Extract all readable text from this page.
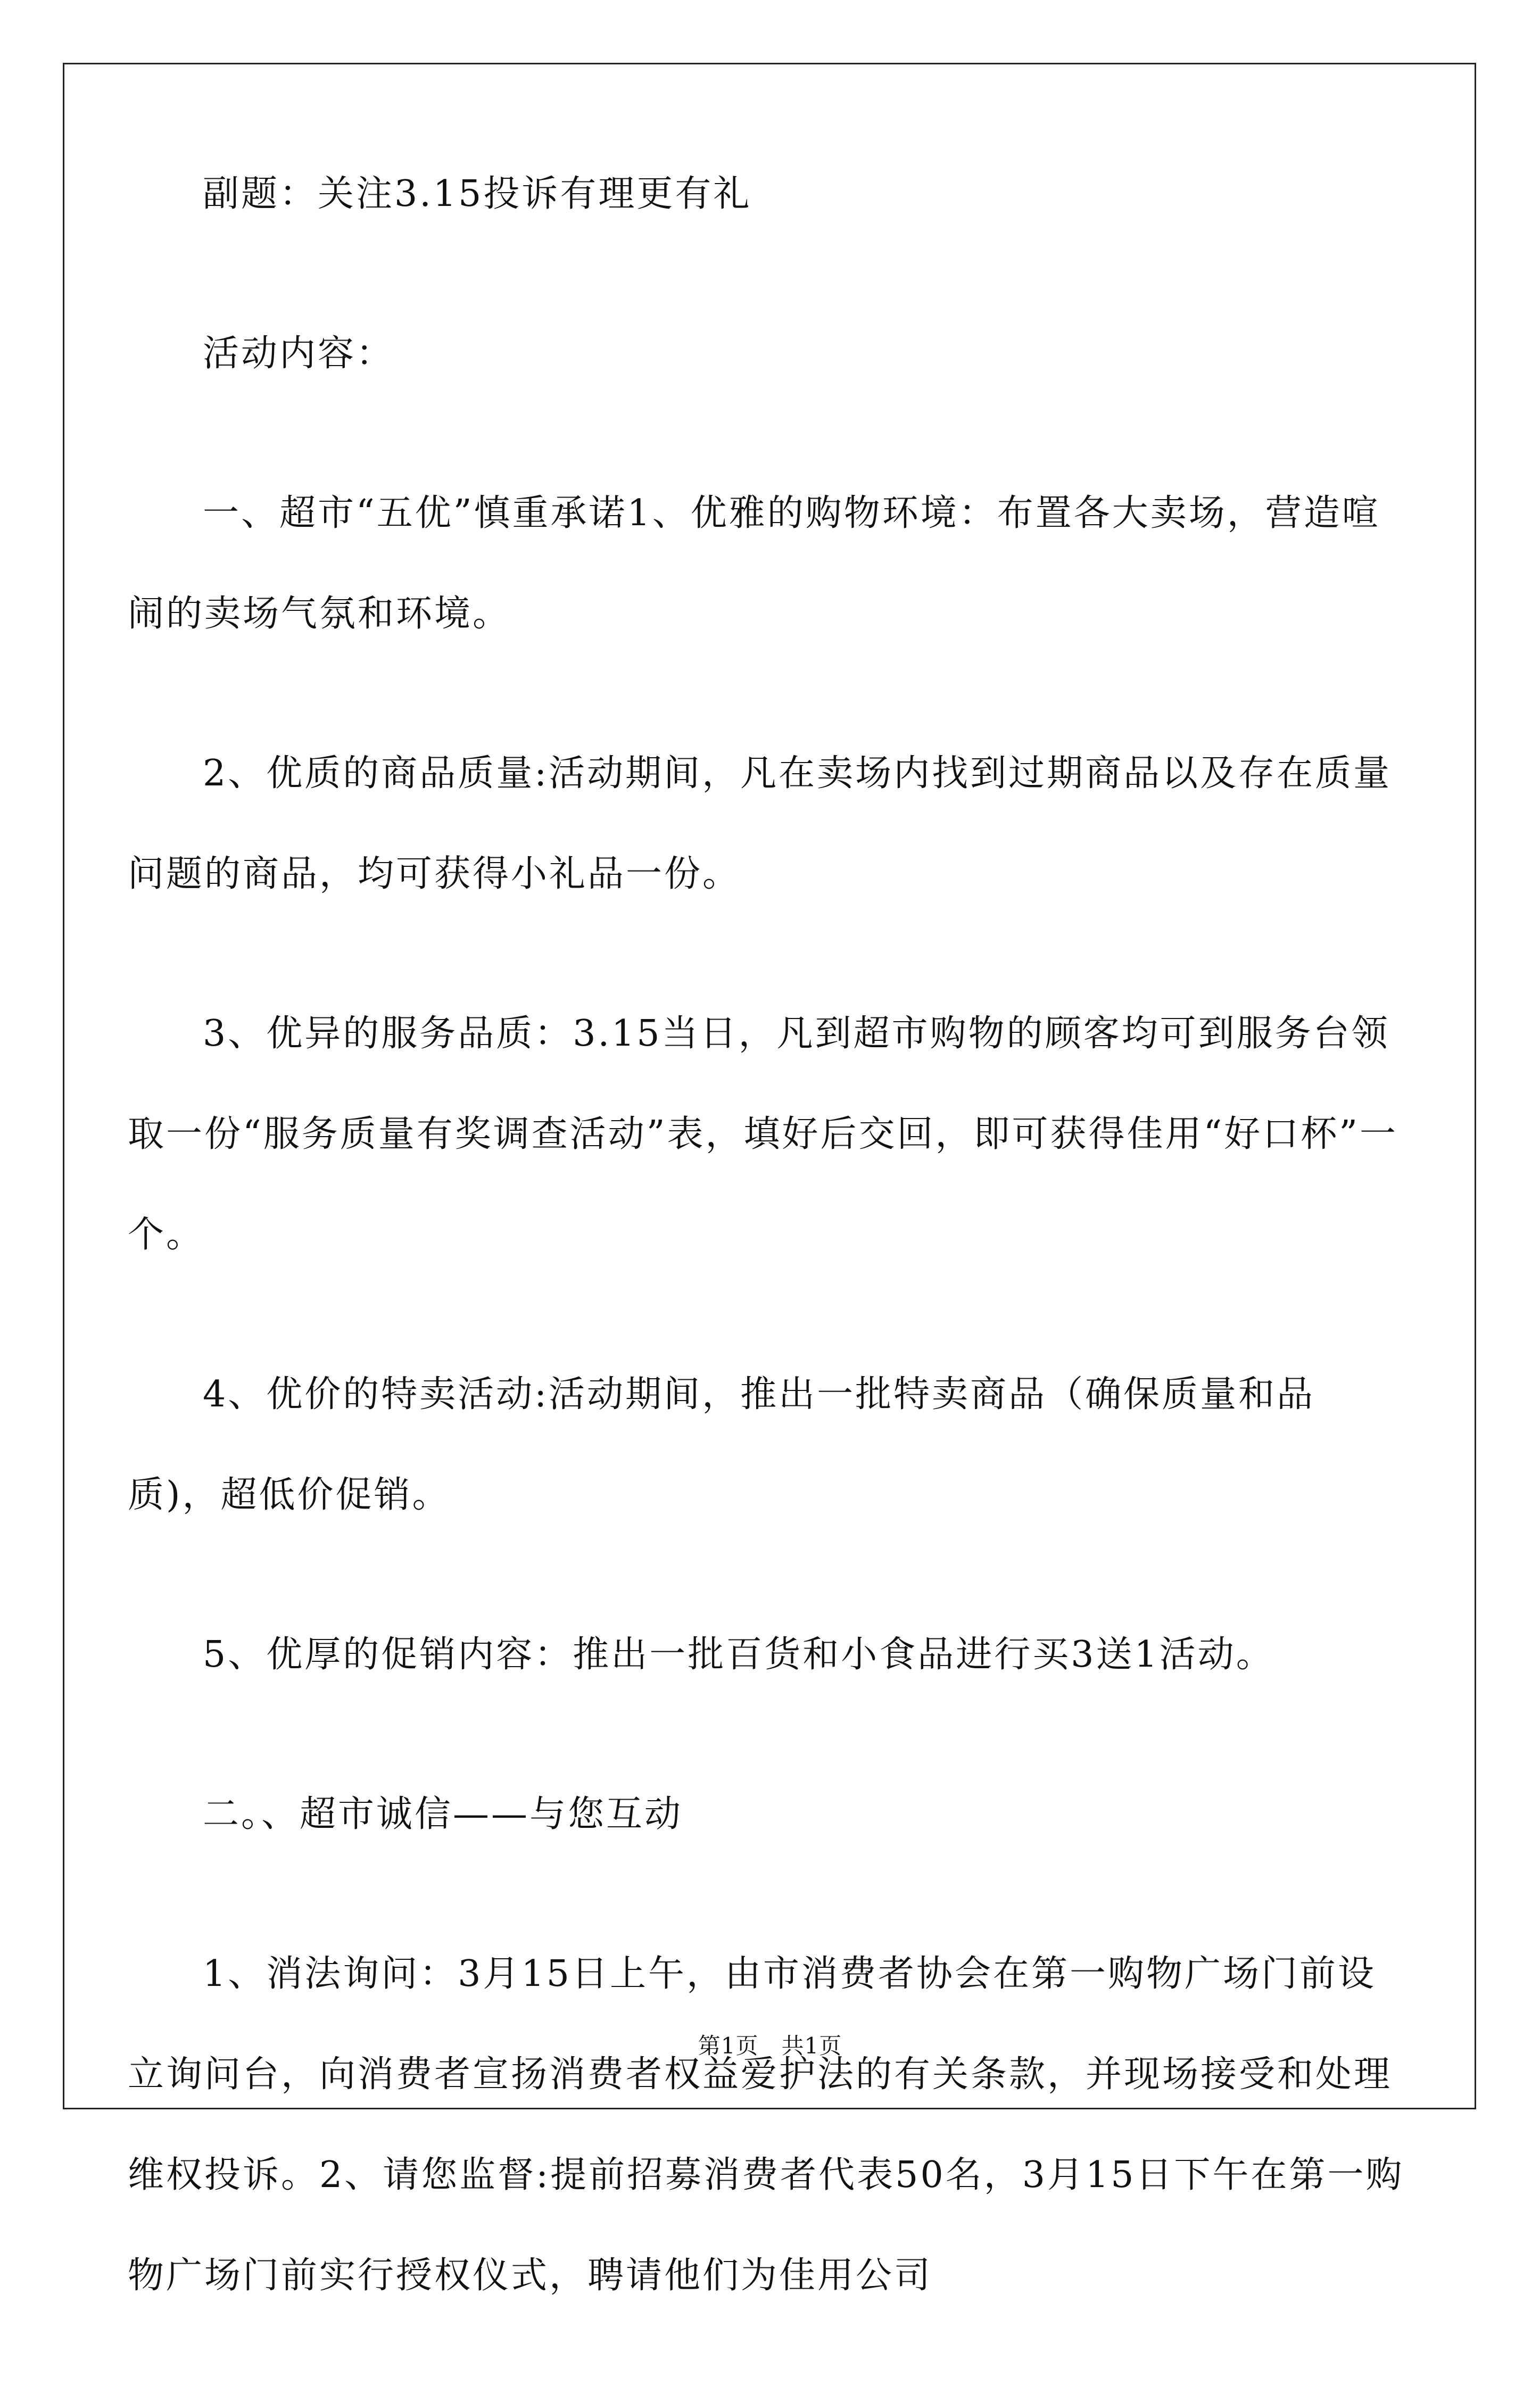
副题：关注3.15投诉有理更有礼

活动内容：

一、超市“五优”慎重承诺1、优雅的购物环境：布置各大卖场，营造喧闹的卖场气氛和环境。

2、优质的商品质量:活动期间，凡在卖场内找到过期商品以及存在质量问题的商品，均可获得小礼品一份。

3、优异的服务品质：3.15当日，凡到超市购物的顾客均可到服务台领取一份“服务质量有奖调查活动”表，填好后交回，即可获得佳用“好口杯”一个。

4、优价的特卖活动:活动期间，推出一批特卖商品（确保质量和品质)，超低价促销。

5、优厚的促销内容：推出一批百货和小食品进行买3送1活动。

二。、超市诚信——与您互动

1、消法询问：3月15日上午，由市消费者协会在第一购物广场门前设立询问台，向消费者宣扬消费者权益爱护法的有关条款，并现场接受和处理维权投诉。2、请您监督:提前招募消费者代表50名，3月15日下午在第一购物广场门前实行授权仪式，聘请他们为佳用公司

第1页　共1页
